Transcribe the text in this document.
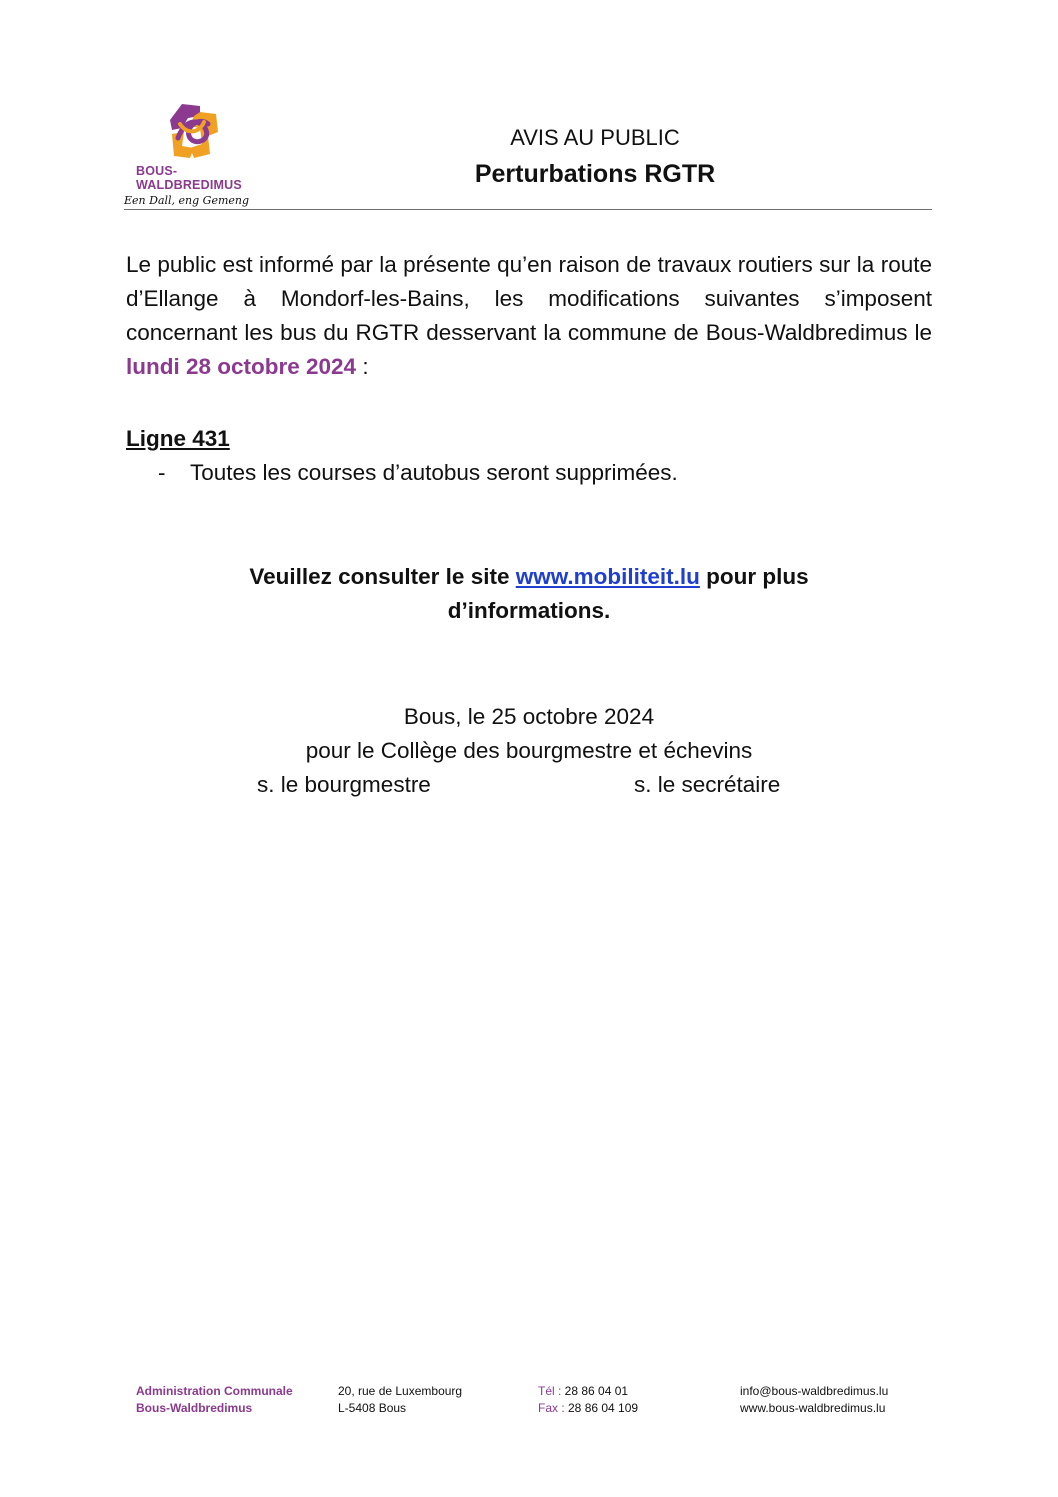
BOUS-
WALDBREDIMUS
Een Dall, eng Gemeng
AVIS AU PUBLIC
Perturbations RGTR
Le public est informé par la présente qu’en raison de travaux routiers sur la route d’Ellange à Mondorf-les-Bains, les modifications suivantes s’imposent concernant les bus du RGTR desservant la commune de Bous-Waldbredimus le lundi 28 octobre 2024 :
Ligne 431
- Toutes les courses d’autobus seront supprimées.
Veuillez consulter le site www.mobiliteit.lu pour plus d’informations.
Bous, le 25 octobre 2024
pour le Collège des bourgmestre et échevins
s. le bourgmestre	s. le secrétaire
Administration Communale
Bous-Waldbredimus
20, rue de Luxembourg
L-5408 Bous
Tél : 28 86 04 01
Fax : 28 86 04 109
info@bous-waldbredimus.lu
www.bous-waldbredimus.lu
